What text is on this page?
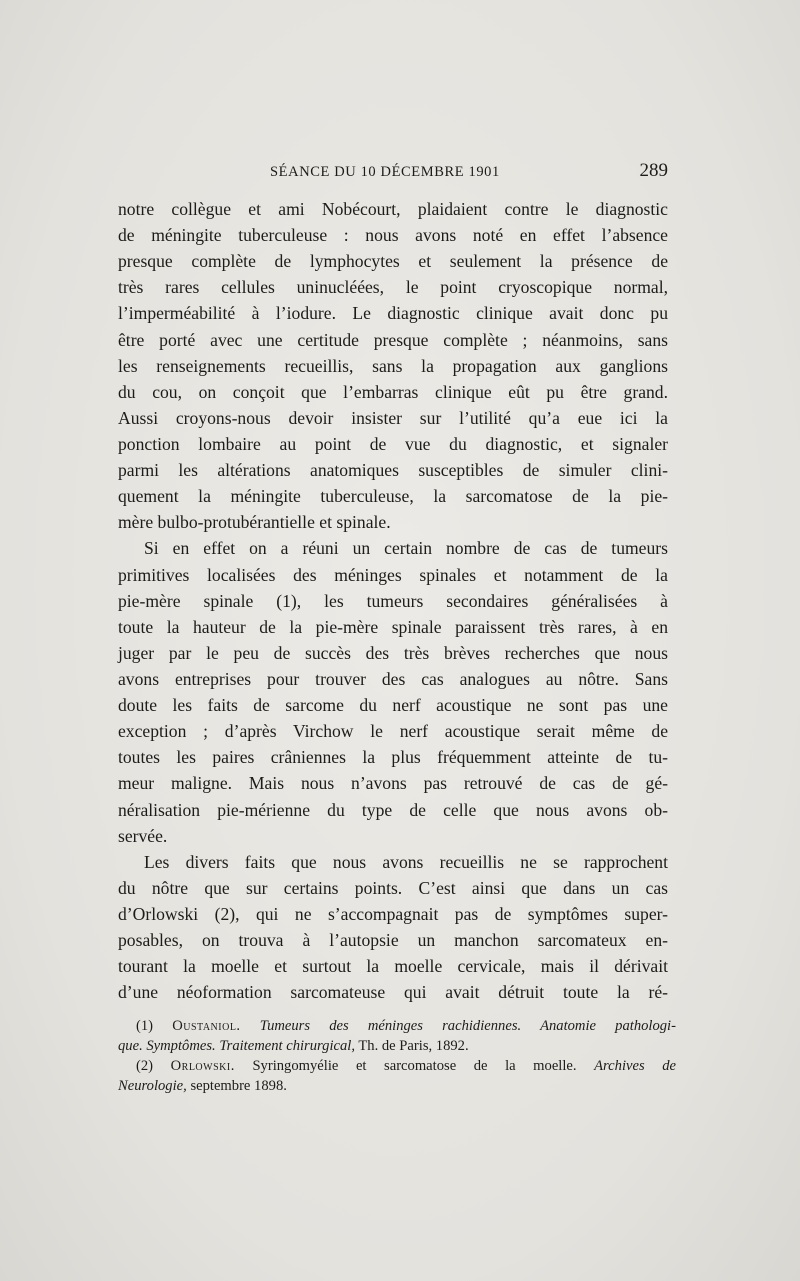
SÉANCE DU 10 DÉCEMBRE 1901	289
notre collègue et ami Nobécourt, plaidaient contre le diagnostic
de méningite tuberculeuse : nous avons noté en effet l’absence
presque complète de lymphocytes et seulement la présence de
très rares cellules uninucléées, le point cryoscopique normal,
l’imperméabilité à l’iodure. Le diagnostic clinique avait donc pu
être porté avec une certitude presque complète ; néanmoins, sans
les renseignements recueillis, sans la propagation aux ganglions
du cou, on conçoit que l’embarras clinique eût pu être grand.
Aussi croyons-nous devoir insister sur l’utilité qu’a eue ici la
ponction lombaire au point de vue du diagnostic, et signaler
parmi les altérations anatomiques susceptibles de simuler clini-
quement la méningite tuberculeuse, la sarcomatose de la pie-
mère bulbo-protubérantielle et spinale.
Si en effet on a réuni un certain nombre de cas de tumeurs
primitives localisées des méninges spinales et notamment de la
pie-mère spinale (1), les tumeurs secondaires généralisées à
toute la hauteur de la pie-mère spinale paraissent très rares, à en
juger par le peu de succès des très brèves recherches que nous
avons entreprises pour trouver des cas analogues au nôtre. Sans
doute les faits de sarcome du nerf acoustique ne sont pas une
exception ; d’après Virchow le nerf acoustique serait même de
toutes les paires crâniennes la plus fréquemment atteinte de tu-
meur maligne. Mais nous n’avons pas retrouvé de cas de gé-
néralisation pie-mérienne du type de celle que nous avons ob-
servée.
Les divers faits que nous avons recueillis ne se rapprochent
du nôtre que sur certains points. C’est ainsi que dans un cas
d’Orlowski (2), qui ne s’accompagnait pas de symptômes super-
posables, on trouva à l’autopsie un manchon sarcomateux en-
tourant la moelle et surtout la moelle cervicale, mais il dérivait
d’une néoformation sarcomateuse qui avait détruit toute la ré-
(1) Oustaniol. Tumeurs des méninges rachidiennes. Anatomie pathologi-
que. Symptômes. Traitement chirurgical, Th. de Paris, 1892.
(2) Orlowski. Syringomyélie et sarcomatose de la moelle. Archives de
Neurologie, septembre 1898.
